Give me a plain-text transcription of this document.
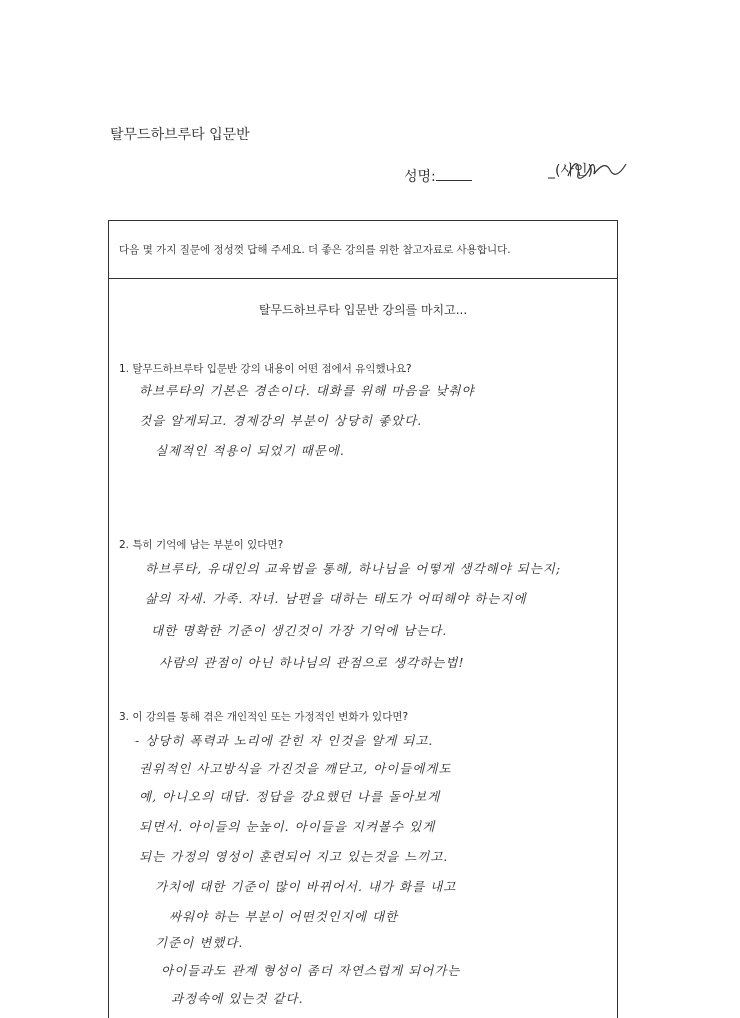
탈무드하브루타 입문반
성명:	_(사인)
다음 몇 가지 질문에 정성껏 답해 주세요. 더 좋은 강의를 위한 참고자료로 사용합니다.
탈무드하브루타 입문반 강의를 마치고...
1. 탈무드하브루타 입문반 강의 내용이 어떤 점에서 유익했나요?
하브루타의 기본은 경손이다. 대화를 위해 마음을 낮춰야
것을 알게되고. 경제강의 부분이 상당히 좋았다.
실제적인 적용이 되었기 때문에.
2. 특히 기억에 남는 부분이 있다면?
하브루타, 유대인의 교육법을 통해, 하나님을 어떻게 생각해야 되는지;
삶의 자세. 가족. 자녀. 남편을 대하는 태도가 어떠해야 하는지에
대한 명확한 기준이 생긴것이 가장 기억에 남는다.
사람의 관점이 아닌 하나님의 관점으로 생각하는법!
3. 이 강의를 통해 겪은 개인적인 또는 가정적인 변화가 있다면?
- 상당히 폭력과 노리에 갇힌 자 인것을 알게 되고.
권위적인 사고방식을 가진것을 깨닫고, 아이들에게도
예, 아니오의 대답. 정답을 강요했던 나를 돌아보게
되면서. 아이들의 눈높이. 아이들을 지켜볼수 있게
되는 가정의 영성이 훈련되어 지고 있는것을 느끼고.
가치에 대한 기준이 많이 바뀌어서. 내가 화를 내고
싸워야 하는 부분이 어떤것인지에 대한
기준이 변했다.
아이들과도 관계 형성이 좀더 자연스럽게 되어가는
과정속에 있는것 같다.
